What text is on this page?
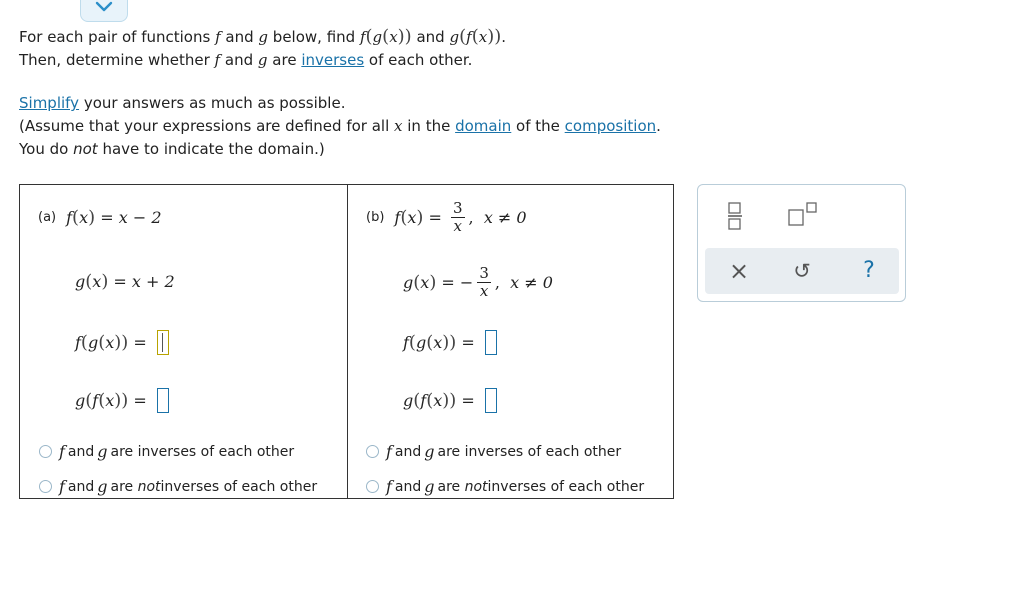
For each pair of functions f and g below, find f(g(x)) and g(f(x)).
Then, determine whether f and g are inverses of each other.

Simplify your answers as much as possible.
(Assume that your expressions are defined for all x in the domain of the composition.
You do not have to indicate the domain.)

(a) f ( x ) = x − 2
g ( x ) = x + 2
f ( g ( x )) =
g ( f ( x )) =
f and g are inverses of each other
f and g are
not inverses of each other
(b) f ( x ) = $\frac{3}{x}$ , x ≠ 0
g ( x ) = − $\frac{3}{x}$ , x ≠ 0
f ( g ( x )) =
g ( f ( x )) =
f and g are inverses of each other
f and g are
not inverses of each other
× ↺ ?
